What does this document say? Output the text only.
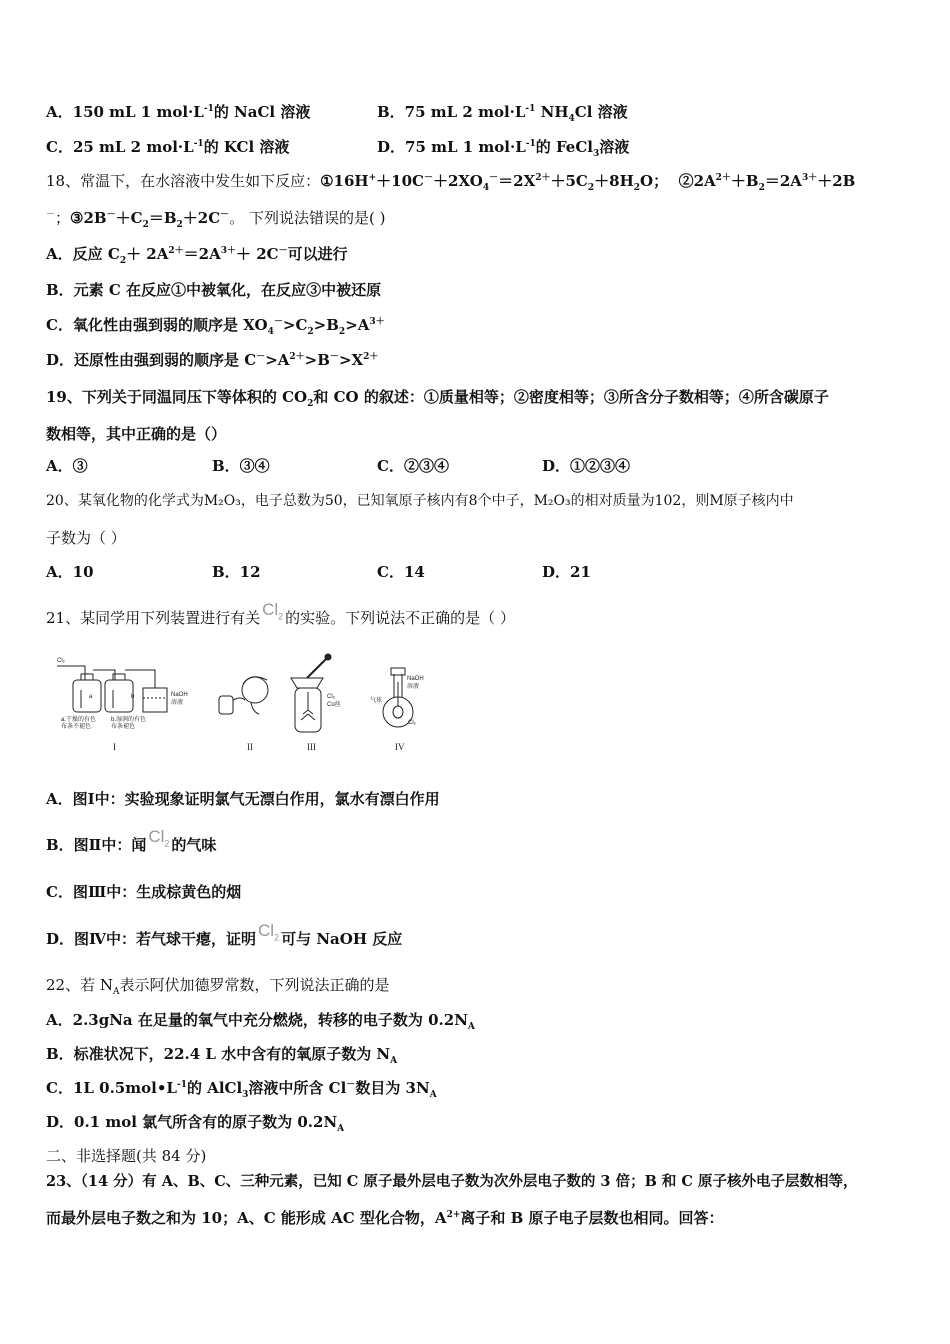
A．150 mL 1 $mol\cdot L^{-1}$的 NaCl 溶液	B．75 mL 2 $mol\cdot L^{-1}$ $NH_4Cl$ 溶液
C．25 mL 2 $mol\cdot L^{-1}$的 KCl 溶液	D．75 mL 1 $mol\cdot L^{-1}$的 FeCl$_3$溶液
18、常温下，在水溶液中发生如下反应：$①16H^++10C^-+2XO_4^-=2X^{2+}+5C_2+8H_2O$； $②2A^{2+}+B_2=2A^{3+}+2B$
－；$③2B^-+C_2=B_2+2C^-$。 下列说法错误的是( )
A．反应 $C_2+ 2A^{2+}=2A^{3+}+ 2C^-$可以进行
B．元素 C 在反应①中被氧化，在反应③中被还原
C．氧化性由强到弱的顺序是 $XO_4^->C_2>B_2>A^{3+}$
D．还原性由强到弱的顺序是 $C^->A^{2+}>B^->X^{2+}$
19、下列关于同温同压下等体积的 $CO_2$和 CO 的叙述：①质量相等；②密度相等；③所含分子数相等；④所含碳原子
数相等，其中正确的是（）
A．③	B．③④	C．②③④	D．①②③④
20、某氧化物的化学式为M₂O₃，电子总数为50，已知氧原子核内有8个中子，M₂O₃的相对质量为102，则M原子核内中
子数为（ ）
A．10	B．12	C．14	D．21
21、某同学用下列装置进行有关 $Cl_2$ 的实验。下列说法不正确的是（ ）
Cl₂
a	b	NaOH
溶液
a.干燥的有色
布条不褪色
b.湿润的有色
布条褪色
I	II
Cl₂
Cu丝
III
气球
NaOH
溶液
Cl₂
IV
A．图Ⅰ中：实验现象证明氯气无漂白作用，氯水有漂白作用
B．图Ⅱ中：闻 $Cl_2$ 的气味
C．图Ⅲ中：生成棕黄色的烟
D．图Ⅳ中：若气球干瘪，证明 $Cl_2$ 可与 NaOH 反应
22、若 $N_A$表示阿伏加德罗常数，下列说法正确的是
A．2.3gNa 在足量的氧气中充分燃烧，转移的电子数为 $0.2N_A$
B．标准状况下，22.4 L 水中含有的氧原子数为 $N_A$
C．1L $0.5mol•L^{-1}$的 AlCl$_3$溶液中所含 Cl－数目为 $3N_A$
D．0.1 mol 氯气所含有的原子数为 $0.2N_A$
二、非选择题(共 84 分)
23、（14 分）有 A、B、C、三种元素，已知 C 原子最外层电子数为次外层电子数的 3 倍；B 和 C 原子核外电子层数相等，
而最外层电子数之和为 10；A、C 能形成 AC 型化合物，$A^{2+}$离子和 B 原子电子层数也相同。回答：
